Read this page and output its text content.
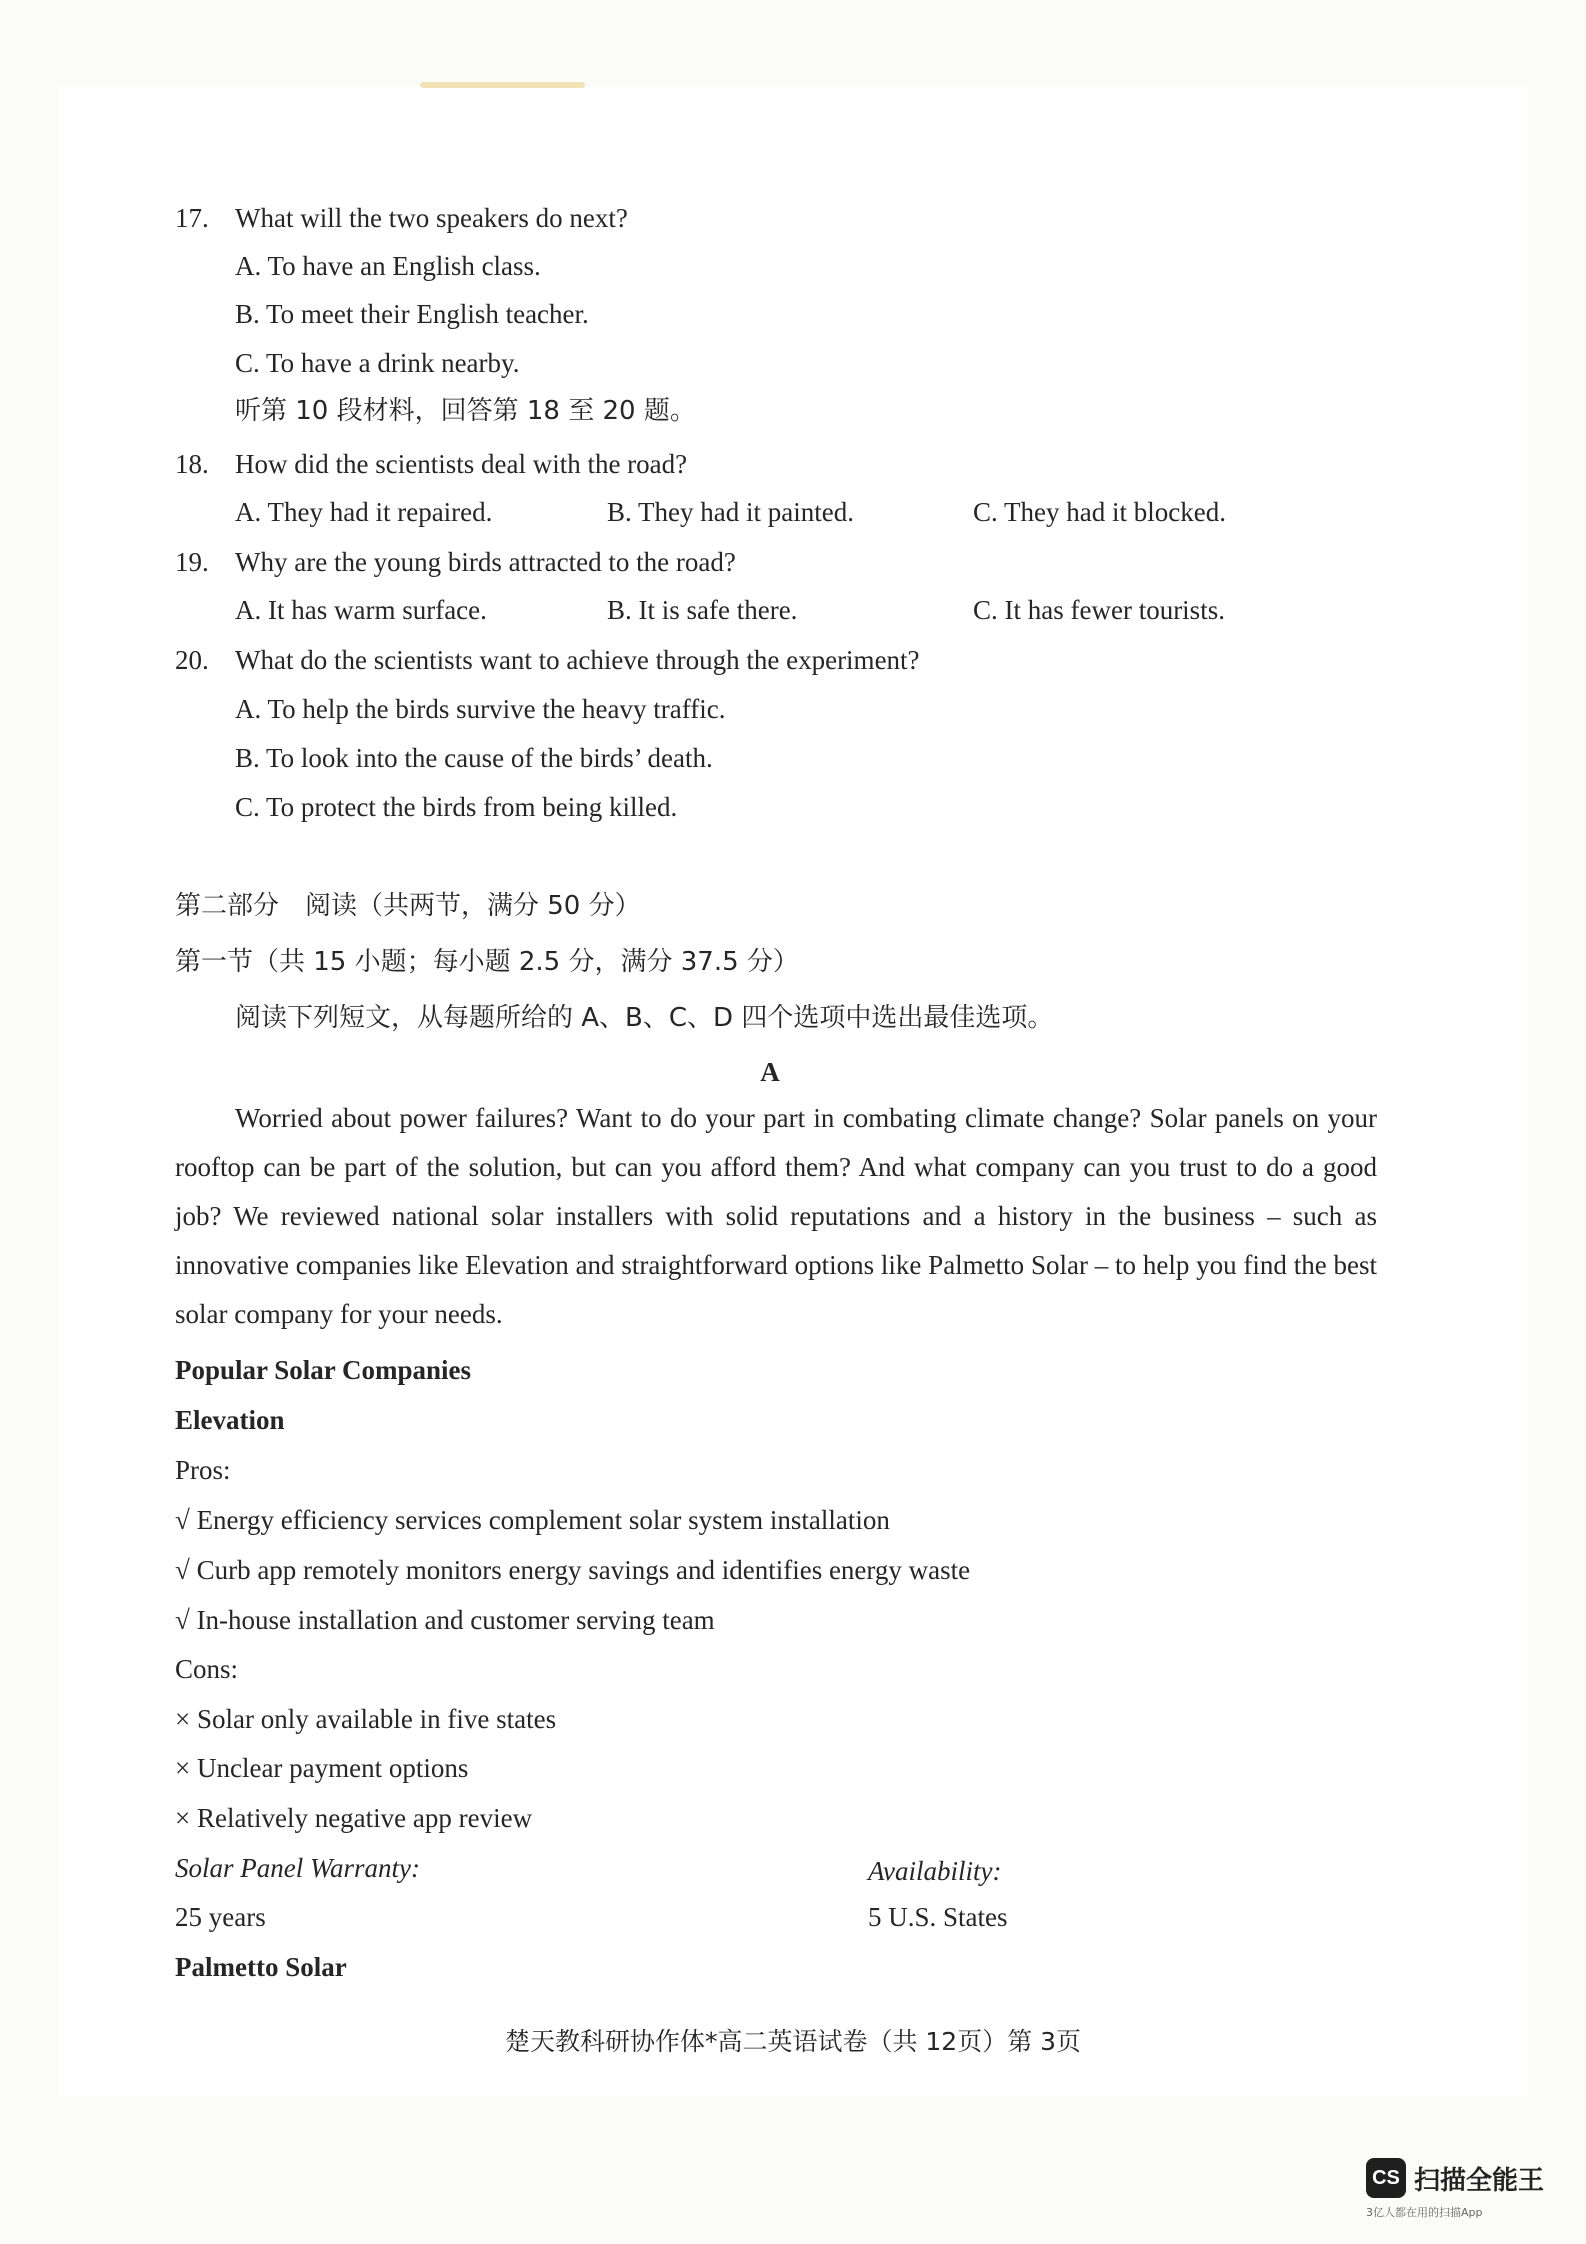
17. What will the two speakers do next?
A. To have an English class.
B. To meet their English teacher.
C. To have a drink nearby.
听第 10 段材料，回答第 18 至 20 题。
18. How did the scientists deal with the road?
A. They had it repaired.	B. They had it painted.	C. They had it blocked.
19. Why are the young birds attracted to the road?
A. It has warm surface.	B. It is safe there.	C. It has fewer tourists.
20. What do the scientists want to achieve through the experiment?
A. To help the birds survive the heavy traffic.
B. To look into the cause of the birds’ death.
C. To protect the birds from being killed.
第二部分　阅读（共两节，满分 50 分）
第一节（共 15 小题；每小题 2.5 分，满分 37.5 分）
阅读下列短文，从每题所给的 A、B、C、D 四个选项中选出最佳选项。
A
Worried about power failures? Want to do your part in combating climate change? Solar panels on your rooftop can be part of the solution, but can you afford them? And what company can you trust to do a good job? We reviewed national solar installers with solid reputations and a history in the business – such as innovative companies like Elevation and straightforward options like Palmetto Solar – to help you find the best solar company for your needs.
Popular Solar Companies
Elevation
Pros:
√ Energy efficiency services complement solar system installation
√ Curb app remotely monitors energy savings and identifies energy waste
√ In-house installation and customer serving team
Cons:
× Solar only available in five states
× Unclear payment options
× Relatively negative app review
Solar Panel Warranty:	Availability:
25 years	5 U.S. States
Palmetto Solar
楚天教科研协作体*高二英语试卷（共 12页）第 3页
CS 扫描全能王
3亿人都在用的扫描App
